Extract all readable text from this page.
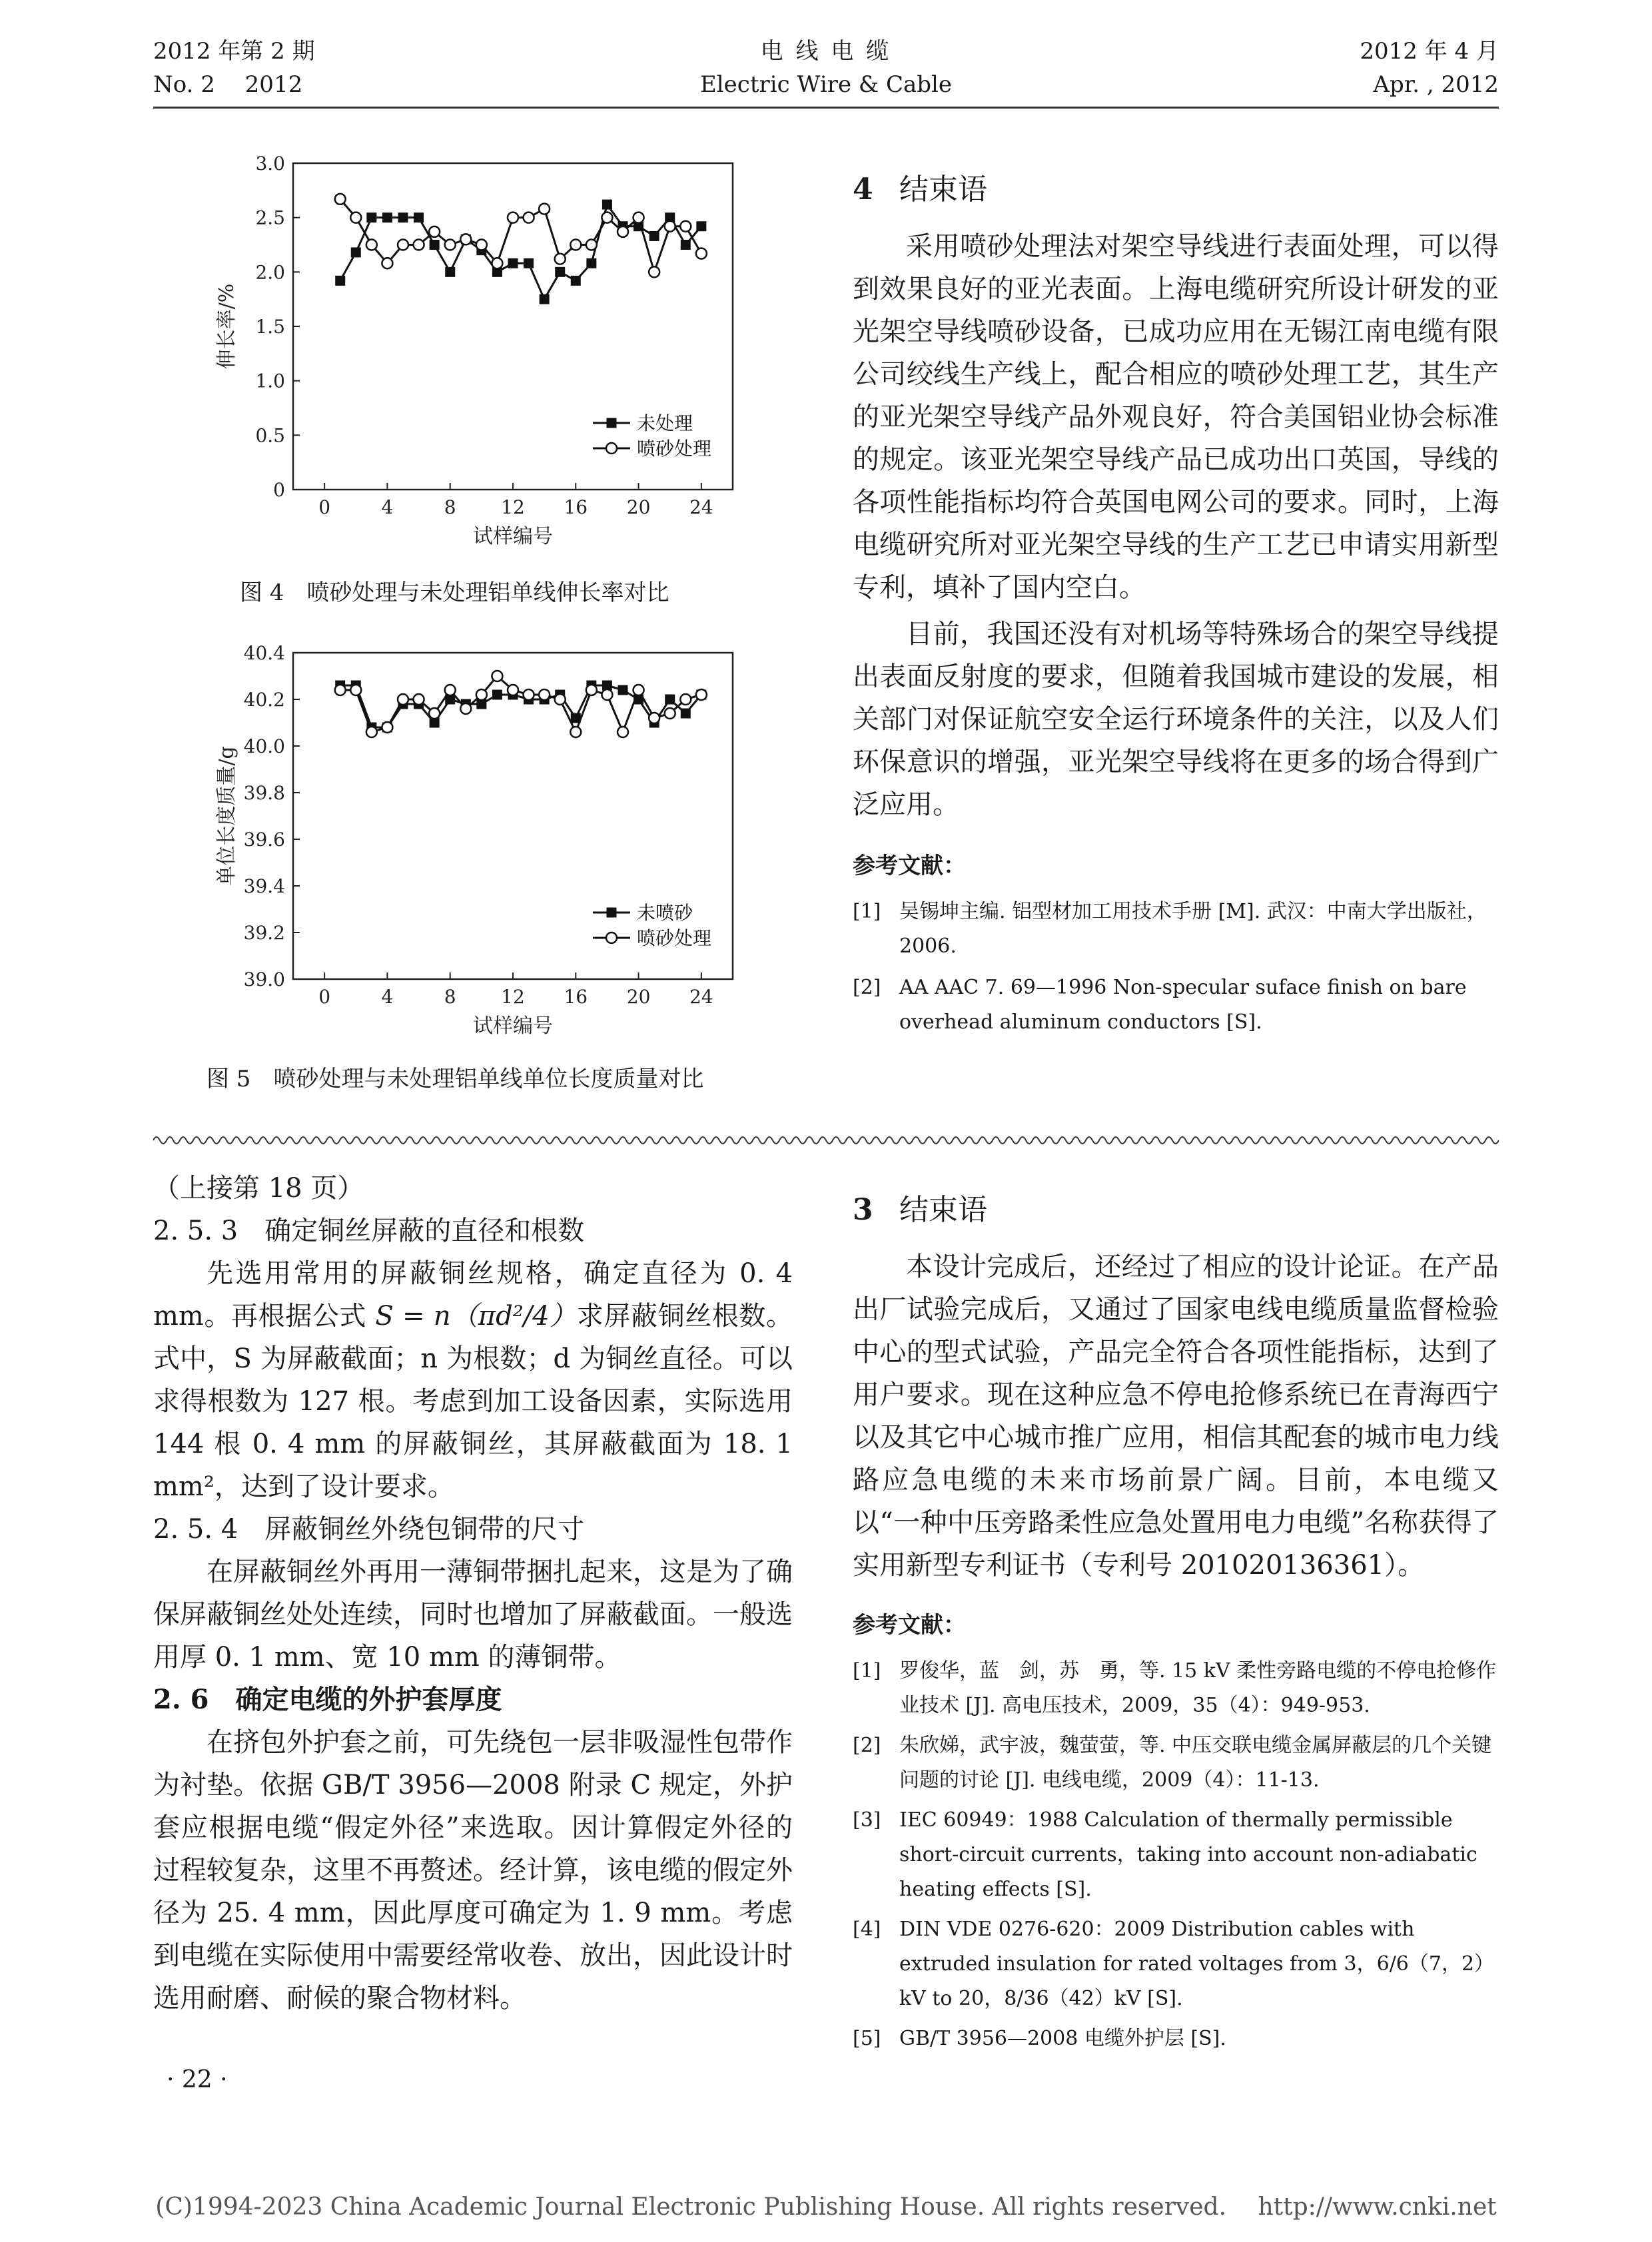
2012 年第 2 期
No. 2　 2012
电 线 电 缆
Electric Wire & Cable
2012 年 4 月
Apr. , 2012
0	4	8 12 16 20 24
0
0.5
1.0
1.5
2.0
2.5
3.0
试样编号
伸长率/%
未处理
喷砂处理
图 4　喷砂处理与未处理铝单线伸长率对比
0	4	8 12 16 20 24
39.0
39.2
39.4
39.6
39.8
40.0
40.2
40.4
试样编号
单位长度质量/g
未喷砂
喷砂处理
图 5　喷砂处理与未处理铝单线单位长度质量对比
4 结束语

采用喷砂处理法对架空导线进行表面处理，可以得到效果良好的亚光表面。上海电缆研究所设计研发的亚光架空导线喷砂设备，已成功应用在无锡江南电缆有限公司绞线生产线上，配合相应的喷砂处理工艺，其生产的亚光架空导线产品外观良好，符合美国铝业协会标准的规定。该亚光架空导线产品已成功出口英国，导线的各项性能指标均符合英国电网公司的要求。同时，上海电缆研究所对亚光架空导线的生产工艺已申请实用新型专利，填补了国内空白。

目前，我国还没有对机场等特殊场合的架空导线提出表面反射度的要求，但随着我国城市建设的发展，相关部门对保证航空安全运行环境条件的关注，以及人们环保意识的增强，亚光架空导线将在更多的场合得到广泛应用。

参考文献：
[1] 吴锡坤主编. 铝型材加工用技术手册 [M]. 武汉：中南大学出版社，2006.
[2] AA AAC 7. 69—1996 Non-specular suface finish on bare overhead aluminum conductors [S].
（上接第 18 页）
2. 5. 3　确定铜丝屏蔽的直径和根数

先选用常用的屏蔽铜丝规格，确定直径为 0. 4 mm。再根据公式 S = n（πd²/4）求屏蔽铜丝根数。式中，S 为屏蔽截面；n 为根数；d 为铜丝直径。可以求得根数为 127 根。考虑到加工设备因素，实际选用 144 根 0. 4 mm 的屏蔽铜丝，其屏蔽截面为 18. 1 mm²，达到了设计要求。

2. 5. 4　屏蔽铜丝外绕包铜带的尺寸

在屏蔽铜丝外再用一薄铜带捆扎起来，这是为了确保屏蔽铜丝处处连续，同时也增加了屏蔽截面。一般选用厚 0. 1 mm、宽 10 mm 的薄铜带。

2. 6　确定电缆的外护套厚度

在挤包外护套之前，可先绕包一层非吸湿性包带作为衬垫。依据 GB/T 3956—2008 附录 C 规定，外护套应根据电缆“假定外径”来选取。因计算假定外径的过程较复杂，这里不再赘述。经计算，该电缆的假定外径为 25. 4 mm，因此厚度可确定为 1. 9 mm。考虑到电缆在实际使用中需要经常收卷、放出，因此设计时选用耐磨、耐候的聚合物材料。

3 结束语

本设计完成后，还经过了相应的设计论证。在产品出厂试验完成后，又通过了国家电线电缆质量监督检验中心的型式试验，产品完全符合各项性能指标，达到了用户要求。现在这种应急不停电抢修系统已在青海西宁以及其它中心城市推广应用，相信其配套的城市电力线路应急电缆的未来市场前景广阔。目前，本电缆又以“一种中压旁路柔性应急处置用电力电缆”名称获得了实用新型专利证书（专利号 201020136361）。

参考文献：
[1] 罗俊华，蓝　剑，苏　勇，等. 15 kV 柔性旁路电缆的不停电抢修作业技术 [J]. 高电压技术，2009，35（4）：949-953.
[2] 朱欣娣，武宇波，魏萤萤，等. 中压交联电缆金属屏蔽层的几个关键问题的讨论 [J]. 电线电缆，2009（4）：11-13.
[3] IEC 60949：1988 Calculation of thermally permissible short-circuit currents，taking into account non-adiabatic heating effects [S].
[4] DIN VDE 0276-620：2009 Distribution cables with extruded insulation for rated voltages from 3，6/6（7，2）kV to 20，8/36（42）kV [S].
[5] GB/T 3956—2008 电缆外护层 [S].
· 22 ·
(C)1994-2023 China Academic Journal Electronic Publishing House. All rights reserved.　 http://www.cnki.net
